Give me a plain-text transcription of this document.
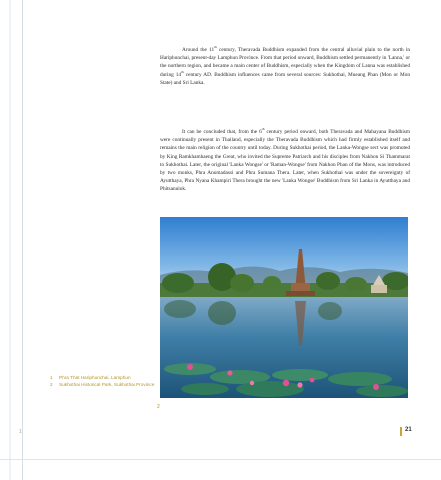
1

Around the 11th century, Theravada Buddhism expanded from the central alluvial plain to the north in Hariphunchai, present-day Lamphun Province. From that period onward, Buddhism settled permanently in 'Lanna,' or the northern region, and became a main center of Buddhism, especially when the Kingdom of Lanna was established during 14th century AD. Buddhism influences came from several sources: Sukhothai, Mueang Phan (Mon or Mon State) and Sri Lanka.

It can be concluded that, from the 6th century period onward, both Theravada and Mahayana Buddhism were continually present in Thailand, especially the Theravada Buddhism which had firmly established itself and remains the main religion of the country until today. During Sukhothai period, the Lanka-Wongse sect was promoted by King Ramkhamhaeng the Great, who invited the Supreme Patriarch and his disciples from Nakhon Si Thammarat to Sukhothai. Later, the original 'Lanka Wongse' or 'Raman-Wongse' from Nakhon Phan of the Mons, was introduced by two monks, Phra Anomadassi and Phra Sumana Thera. Later, when Sukhothai was under the sovereignty of Ayutthaya, Phra Nyana Khampiri Thera brought the new 'Lanka Wongse' Buddhism from Sri Lanka in Ayutthaya and Phitsanulok.

1	Phra That Hariphunchai, Lamphun
2	Sukhothai Historical Park, Sukhothai Province
2
21
